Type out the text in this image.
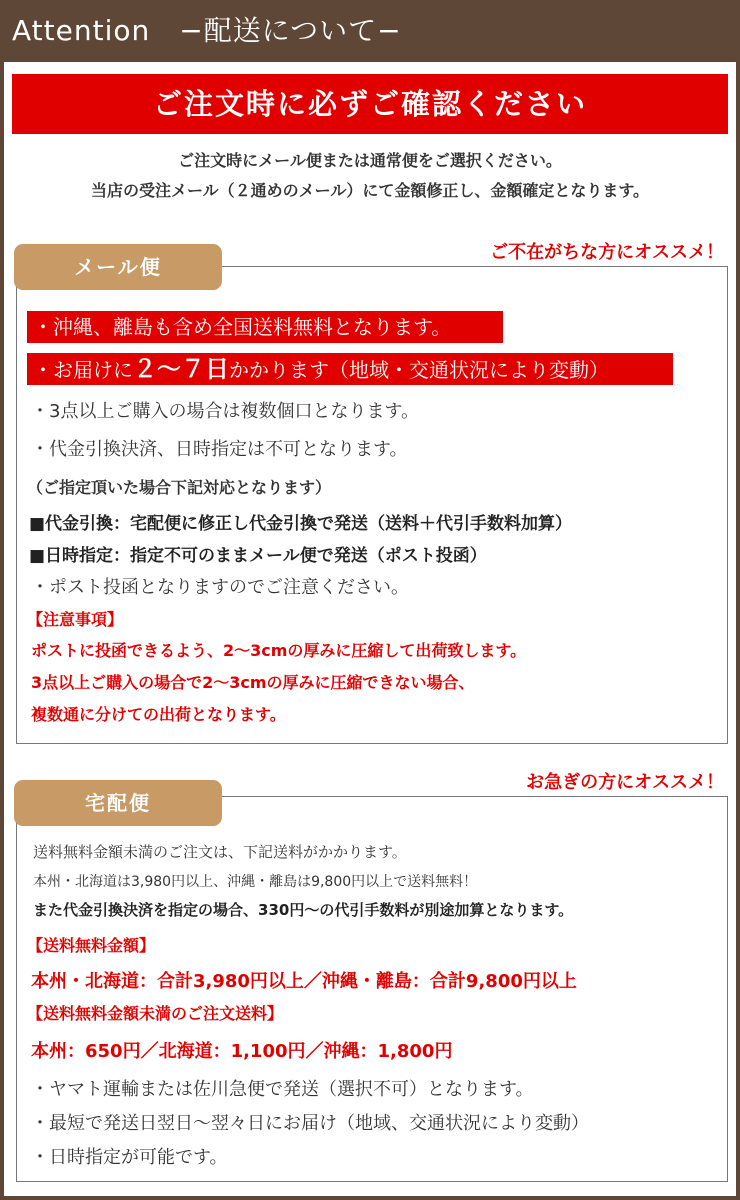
Attention　−配送について−
ご注文時に必ずご確認ください
ご注文時にメール便または通常便をご選択ください。
当店の受注メール（２通めのメール）にて金額修正し、金額確定となります。
ご不在がちな方にオススメ！
・沖縄、離島も含め全国送料無料となります。
・お届けに２〜７日かかります（地域・交通状況により変動）
・3点以上ご購入の場合は複数個口となります。
・代金引換決済、日時指定は不可となります。
（ご指定頂いた場合下記対応となります）
■代金引換：宅配便に修正し代金引換で発送（送料＋代引手数料加算）
■日時指定：指定不可のままメール便で発送（ポスト投函）
・ポスト投函となりますのでご注意ください。
【注意事項】
ポストに投函できるよう、2〜3cmの厚みに圧縮して出荷致します。
3点以上ご購入の場合で2〜3cmの厚みに圧縮できない場合、
複数通に分けての出荷となります。
メール便
お急ぎの方にオススメ！
送料無料金額未満のご注文は、下記送料がかかります。
本州・北海道は3,980円以上、沖縄・離島は9,800円以上で送料無料！
また代金引換決済を指定の場合、330円〜の代引手数料が別途加算となります。
【送料無料金額】
本州・北海道：合計3,980円以上／沖縄・離島：合計9,800円以上
【送料無料金額未満のご注文送料】
本州：650円／北海道：1,100円／沖縄：1,800円
・ヤマト運輸または佐川急便で発送（選択不可）となります。
・最短で発送日翌日〜翌々日にお届け（地域、交通状況により変動）
・日時指定が可能です。
宅配便
